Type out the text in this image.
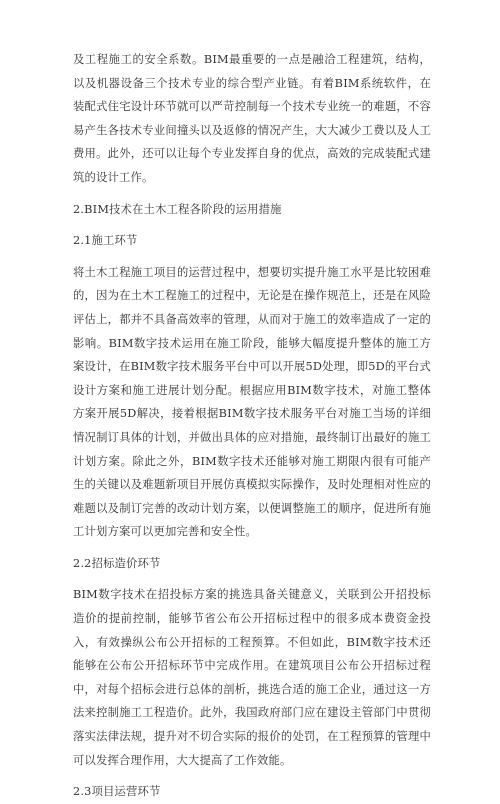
及工程施工的安全系数。BIM最重要的一点是融洽工程建筑，结构，以及机器设备三个技术专业的综合型产业链。有着BIM系统软件，在装配式住宅设计环节就可以严苛控制每一个技术专业统一的难题，不容易产生各技术专业间撞头以及返修的情况产生，大大减少工费以及人工费用。此外，还可以让每个专业发挥自身的优点，高效的完成装配式建筑的设计工作。

2.BIM技术在土木工程各阶段的运用措施

2.1施工环节

将土木工程施工项目的运营过程中，想要切实提升施工水平是比较困难的，因为在土木工程施工的过程中，无论是在操作规范上，还是在风险评估上，都并不具备高效率的管理，从而对于施工的效率造成了一定的影响。BIM数字技术运用在施工阶段，能够大幅度提升整体的施工方案设计，在BIM数字技术服务平台中可以开展5D处理，即5D的平台式设计方案和施工进展计划分配。根据应用BIM数字技术，对施工整体方案开展5D解决，接着根据BIM数字技术服务平台对施工当场的详细情况制订具体的计划，并做出具体的应对措施，最终制订出最好的施工计划方案。除此之外，BIM数字技术还能够对施工期限内很有可能产生的关键以及难题新项目开展仿真模拟实际操作，及时处理相对性应的难题以及制订完善的改动计划方案，以便调整施工的顺序，促进所有施工计划方案可以更加完善和安全性。

2.2招标造价环节

BIM数字技术在招投标方案的挑选具备关键意义，关联到公开招投标造价的提前控制，能够节省公布公开招标过程中的很多成本费资金投入，有效操纵公布公开招标的工程预算。不但如此，BIM数字技术还能够在公布公开招标环节中完成作用。在建筑项目公布公开招标过程中，对每个招标会进行总体的剖析，挑选合适的施工企业，通过这一方法来控制施工工程造价。此外，我国政府部门应在建设主管部门中贯彻落实法律法规，提升对不切合实际的报价的处罚，在工程预算的管理中可以发挥合理作用，大大提高了工作效能。

2.3项目运营环节
